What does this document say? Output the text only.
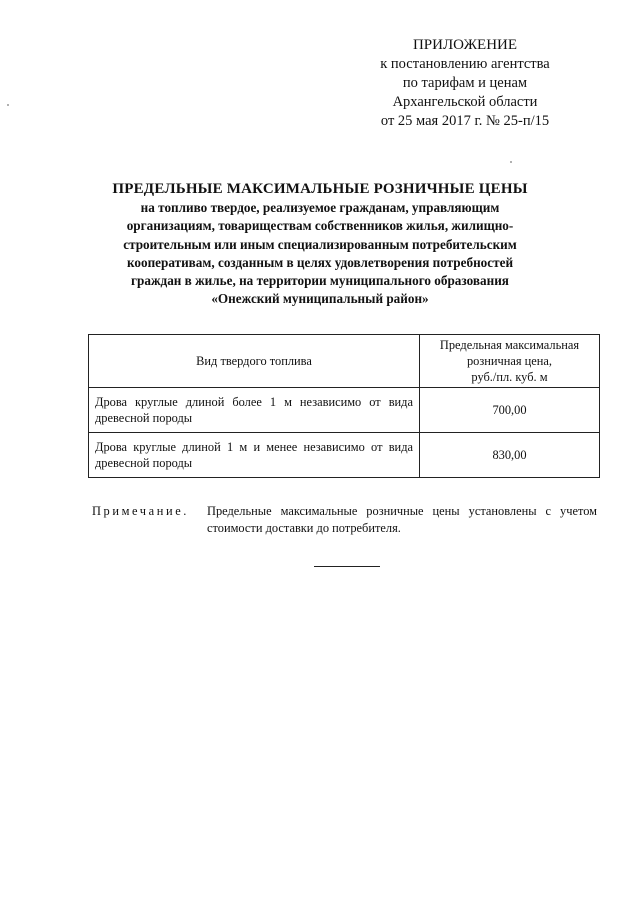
ПРИЛОЖЕНИЕ
к постановлению агентства
по тарифам и ценам
Архангельской области
от 25 мая 2017 г. № 25-п/15
ПРЕДЕЛЬНЫЕ МАКСИМАЛЬНЫЕ РОЗНИЧНЫЕ ЦЕНЫ
на топливо твердое, реализуемое гражданам, управляющим
организациям, товариществам собственников жилья, жилищно-
строительным или иным специализированным потребительским
кооперативам, созданным в целях удовлетворения потребностей
граждан в жилье, на территории муниципального образования
«Онежский муниципальный район»
Вид твердого топлива	Предельная максимальная
розничная цена,
руб./пл. куб. м

Дрова круглые длиной более 1 м независимо от вида древесной породы	700,00
Дрова круглые длиной 1 м и менее независимо от вида древесной породы	830,00
Примечание. Предельные максимальные розничные цены установлены с учетом стоимости доставки до потребителя.
